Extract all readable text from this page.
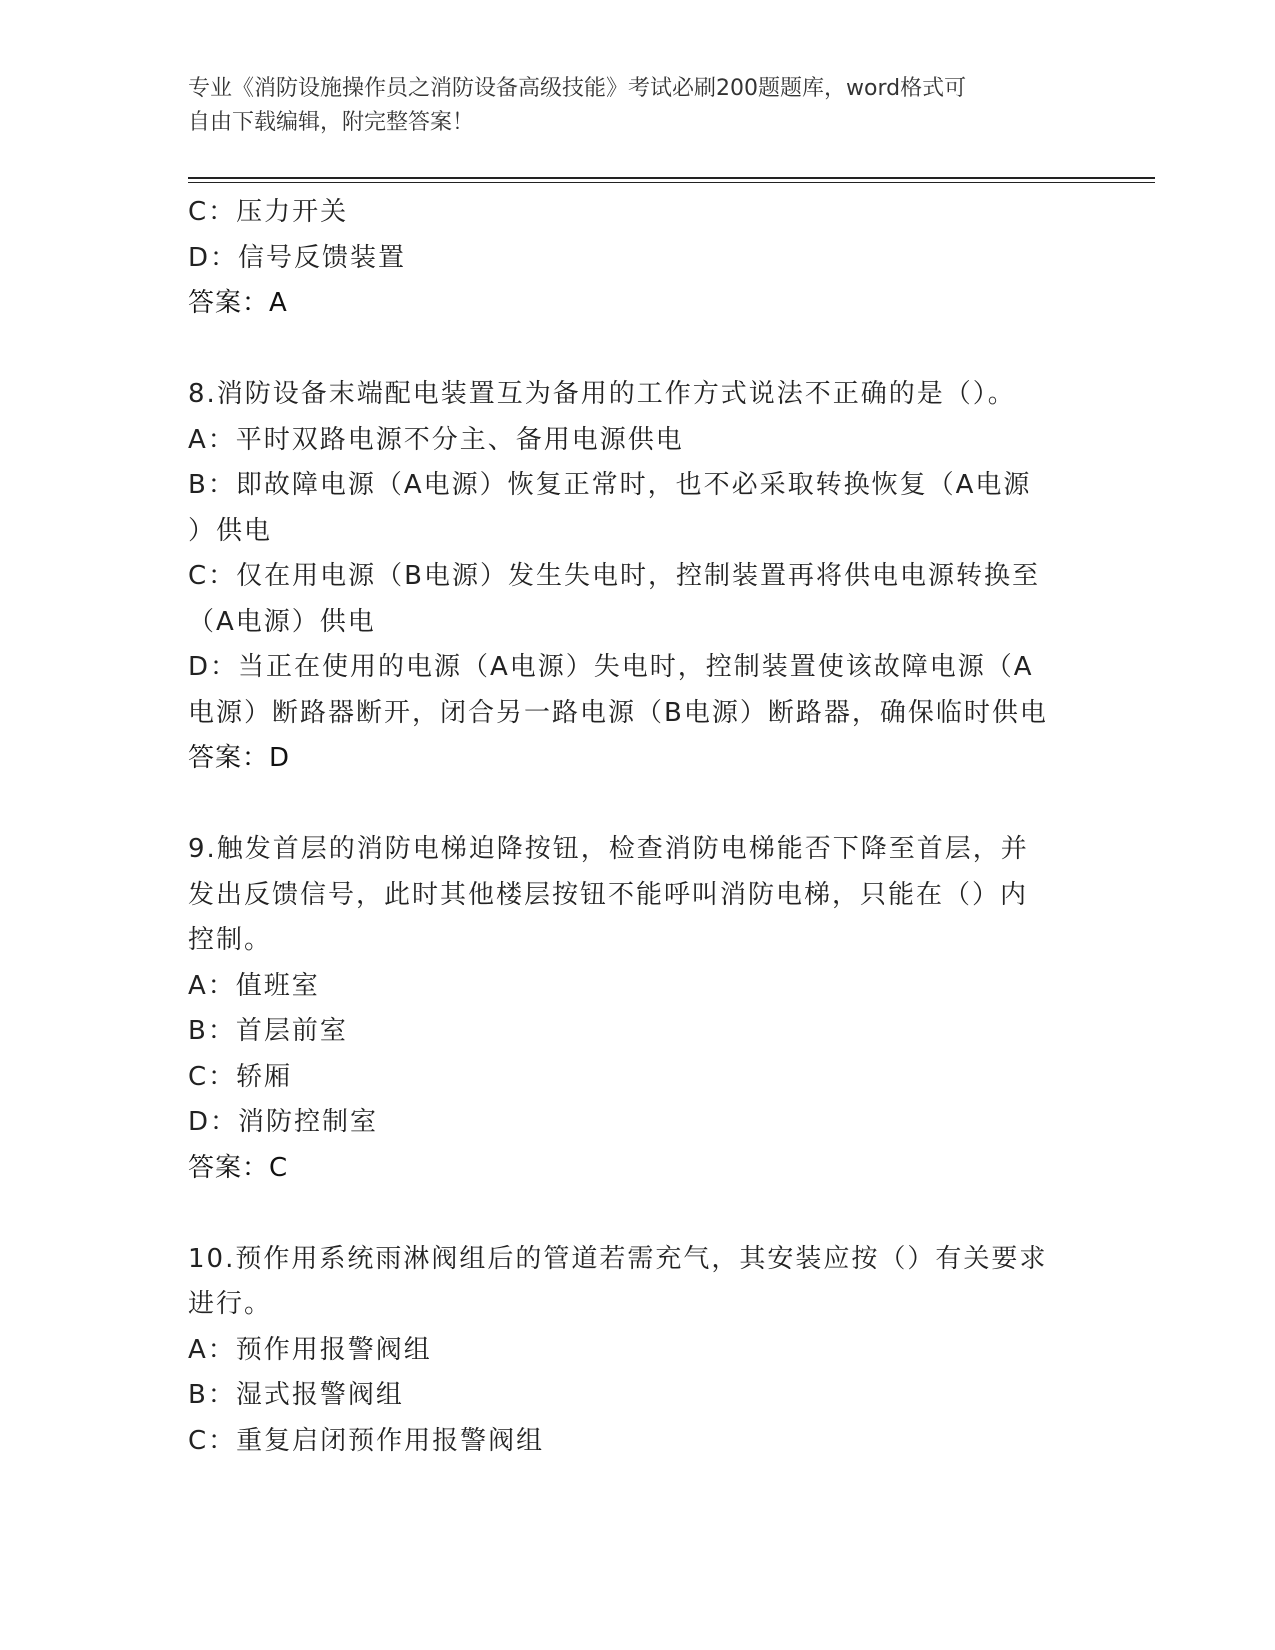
专业《消防设施操作员之消防设备高级技能》考试必刷200题题库，word格式可
自由下载编辑，附完整答案！
C：压力开关
D：信号反馈装置
答案：A
8.消防设备末端配电装置互为备用的工作方式说法不正确的是（）。
A：平时双路电源不分主、备用电源供电
B：即故障电源（A电源）恢复正常时，也不必采取转换恢复（A电源
）供电
C：仅在用电源（B电源）发生失电时，控制装置再将供电电源转换至
（A电源）供电
D：当正在使用的电源（A电源）失电时，控制装置使该故障电源（A
电源）断路器断开，闭合另一路电源（B电源）断路器，确保临时供电
答案：D
9.触发首层的消防电梯迫降按钮，检查消防电梯能否下降至首层，并
发出反馈信号，此时其他楼层按钮不能呼叫消防电梯，只能在（）内
控制。
A：值班室
B：首层前室
C：轿厢
D：消防控制室
答案：C
10.预作用系统雨淋阀组后的管道若需充气，其安装应按（）有关要求
进行。
A：预作用报警阀组
B：湿式报警阀组
C：重复启闭预作用报警阀组
